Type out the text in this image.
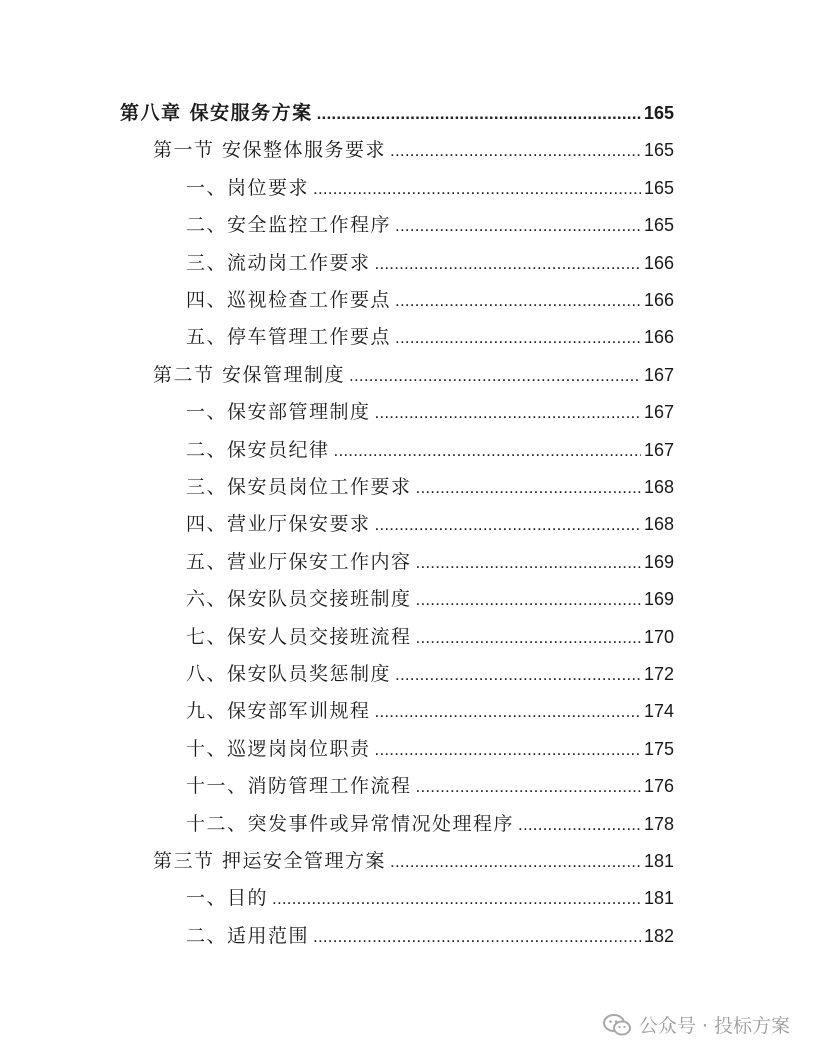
第八章 保安服务方案 .....	165
第一节 安保整体服务要求 .....	165
一、岗位要求 .....	165
二、安全监控工作程序 .....	165
三、流动岗工作要求 .....	166
四、巡视检查工作要点 .....	166
五、停车管理工作要点 .....	166
第二节 安保管理制度 .....	167
一、保安部管理制度 .....	167
二、保安员纪律 .....	167
三、保安员岗位工作要求 .....	168
四、营业厅保安要求 .....	168
五、营业厅保安工作内容 .....	169
六、保安队员交接班制度 .....	169
七、保安人员交接班流程 .....	170
八、保安队员奖惩制度 .....	172
九、保安部军训规程 .....	174
十、巡逻岗岗位职责 .....	175
十一、消防管理工作流程 .....	176
十二、突发事件或异常情况处理程序 .....	178
第三节 押运安全管理方案 .....	181
一、目的 .....	181
二、适用范围 .....	182
公众号 · 投标方案
